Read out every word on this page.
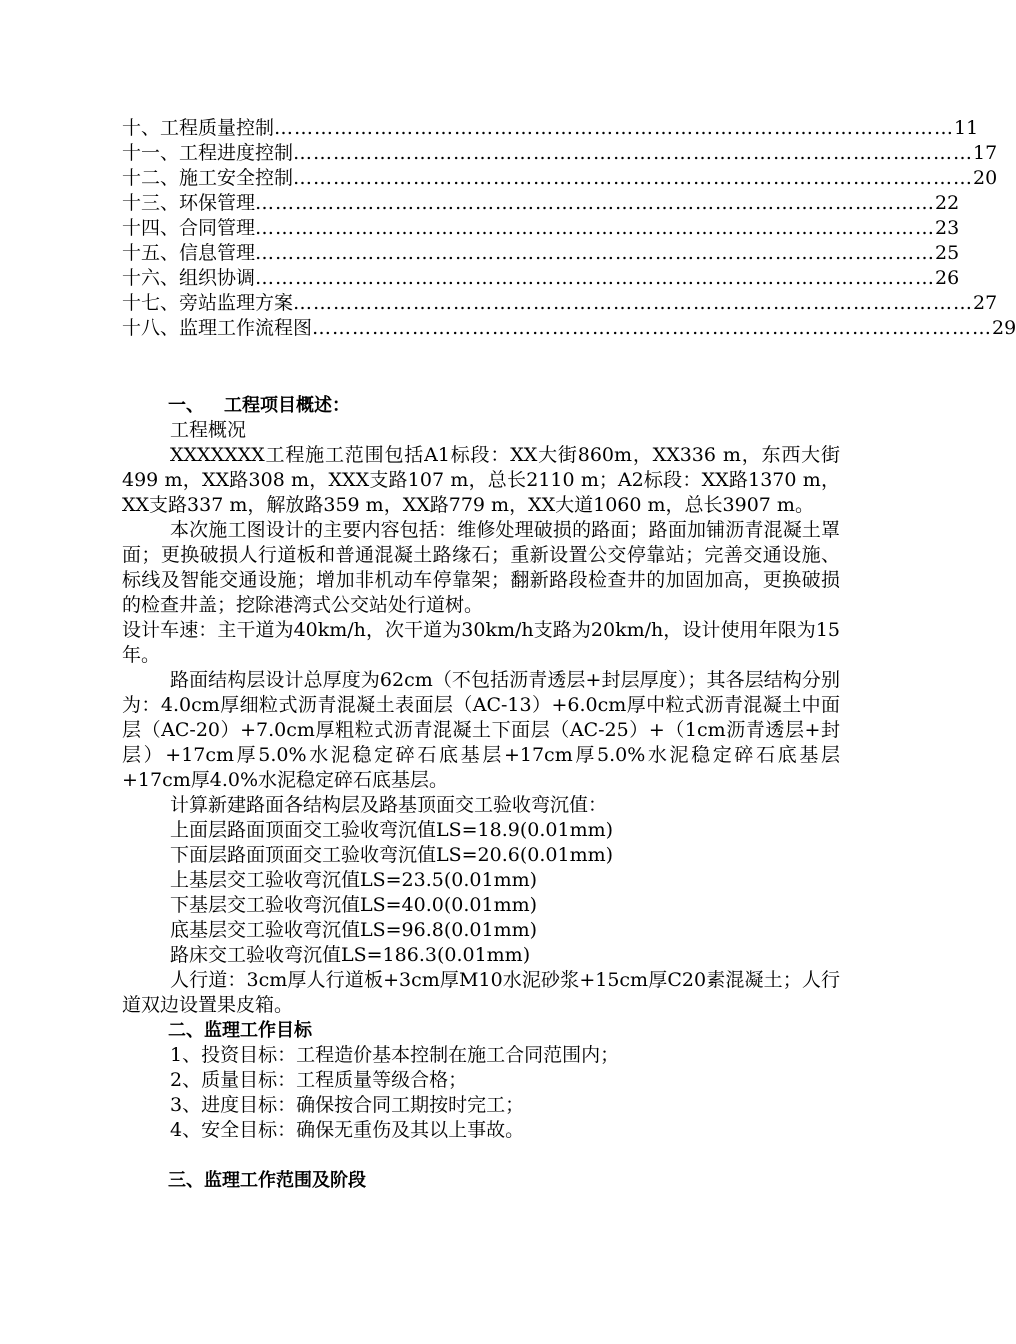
十、工程质量控制 ………………………………………………………………………………………… 11
十一、工程进度控制 ………………………………………………………………………………………… 17
十二、施工安全控制 ………………………………………………………………………………………… 20
十三、环保管理 ………………………………………………………………………………………… 22
十四、合同管理 ………………………………………………………………………………………… 23
十五、信息管理 ………………………………………………………………………………………… 25
十六、组织协调 ………………………………………………………………………………………… 26
十七、旁站监理方案 ………………………………………………………………………………………… 27
十八、监理工作流程图 ………………………………………………………………………………………… 29
一、 工程项目概述：
工程概况

XXXXXXX工程施工范围包括A1标段：XX大街860m，XX336 m，东西大街499 m，XX路308 m，XXX支路107 m，总长2110 m；A2标段：XX路1370 m，XX支路337 m，解放路359 m，XX路779 m，XX大道1060 m，总长3907 m。

本次施工图设计的主要内容包括：维修处理破损的路面；路面加铺沥青混凝土罩面；更换破损人行道板和普通混凝土路缘石；重新设置公交停靠站；完善交通设施、标线及智能交通设施；增加非机动车停靠架；翻新路段检查井的加固加高，更换破损的检查井盖；挖除港湾式公交站处行道树。

设计车速：主干道为40km/h，次干道为30km/h支路为20km/h，设计使用年限为15年。

路面结构层设计总厚度为62cm（不包括沥青透层+封层厚度）；其各层结构分别为：4.0cm厚细粒式沥青混凝土表面层（AC-13）+6.0cm厚中粒式沥青混凝土中面层（AC-20）+7.0cm厚粗粒式沥青混凝土下面层（AC-25）+（1cm沥青透层+封层）+17cm厚5.0%水泥稳定碎石底基层+17cm厚5.0%水泥稳定碎石底基层+17cm厚4.0%水泥稳定碎石底基层。

计算新建路面各结构层及路基顶面交工验收弯沉值：
上面层路面顶面交工验收弯沉值LS=18.9(0.01mm)
下面层路面顶面交工验收弯沉值LS=20.6(0.01mm)
上基层交工验收弯沉值LS=23.5(0.01mm)
下基层交工验收弯沉值LS=40.0(0.01mm)
底基层交工验收弯沉值LS=96.8(0.01mm)
路床交工验收弯沉值LS=186.3(0.01mm)

人行道：3cm厚人行道板+3cm厚M10水泥砂浆+15cm厚C20素混凝土；人行道双边设置果皮箱。

二、监理工作目标
1、投资目标：工程造价基本控制在施工合同范围内；
2、质量目标：工程质量等级合格；
3、进度目标：确保按合同工期按时完工；
4、安全目标：确保无重伤及其以上事故。
三、监理工作范围及阶段
